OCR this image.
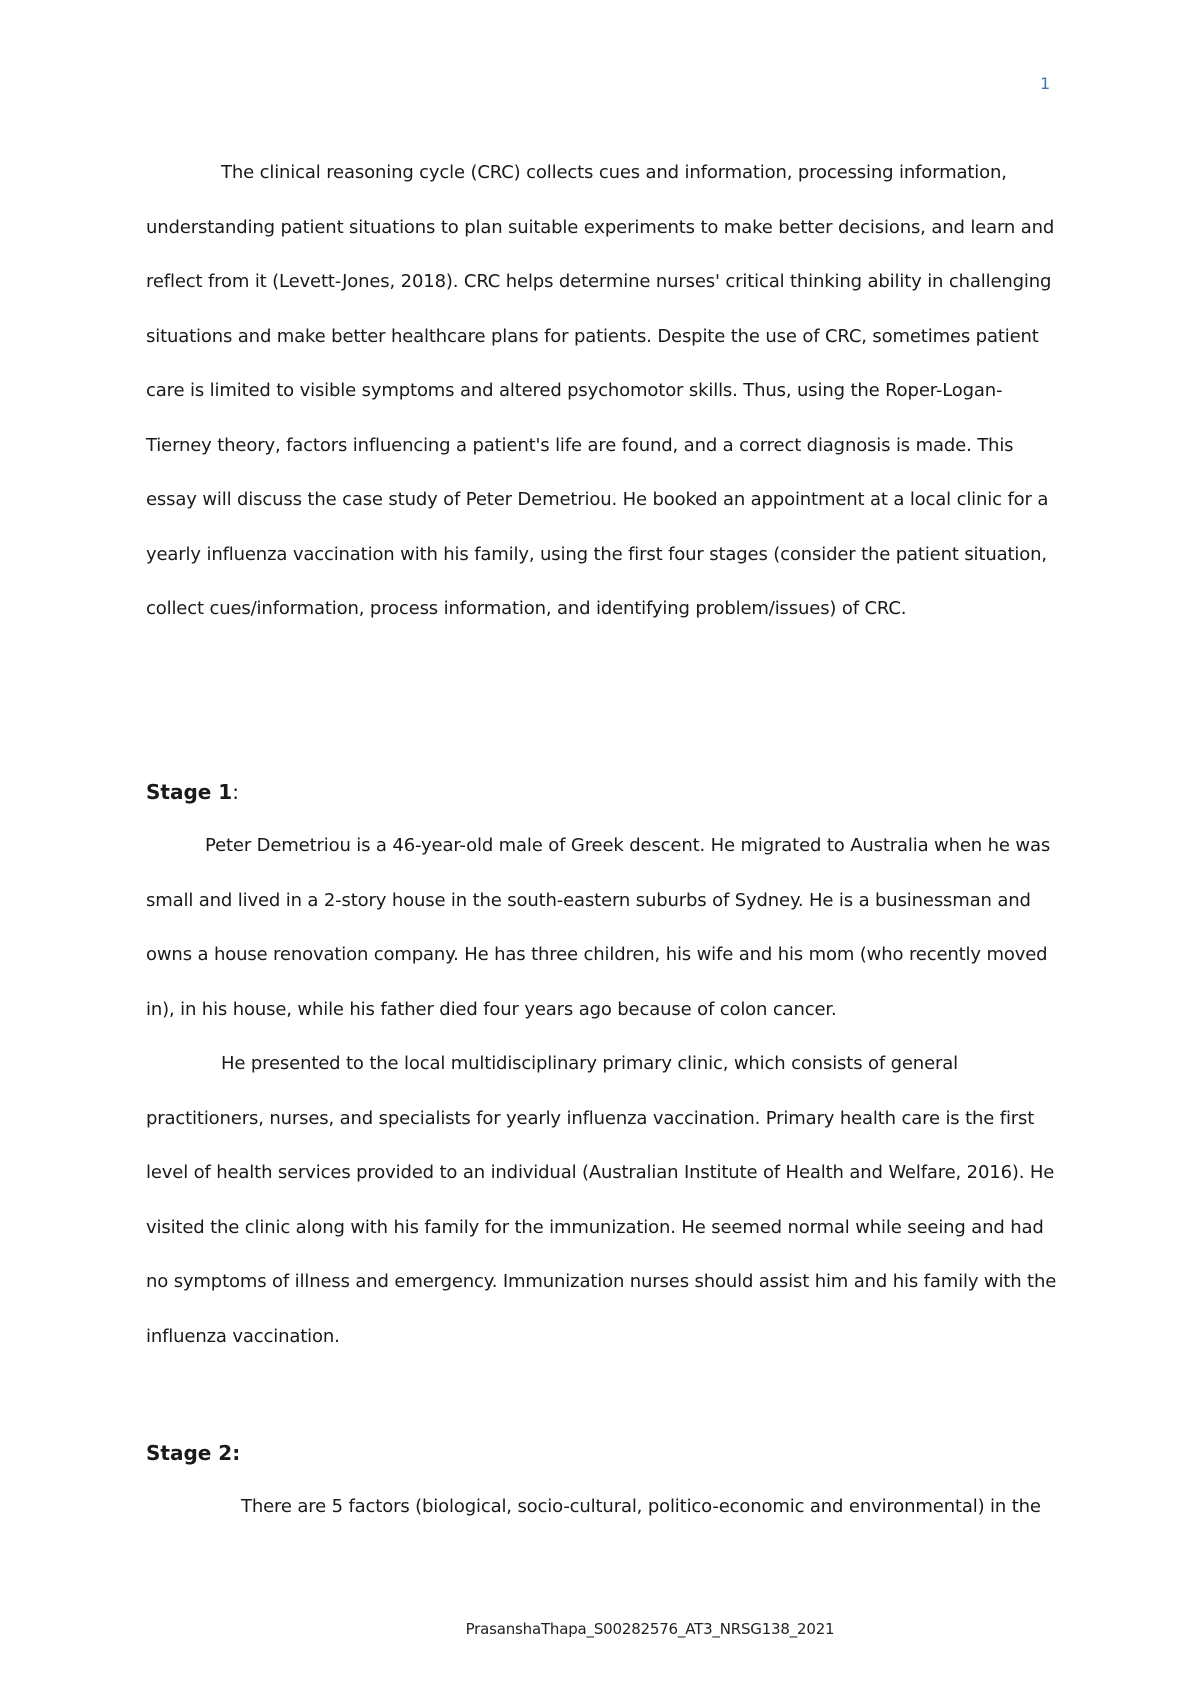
1

The clinical reasoning cycle (CRC) collects cues and information, processing information, understanding patient situations to plan suitable experiments to make better decisions, and learn and reflect from it (Levett-Jones, 2018). CRC helps determine nurses' critical thinking ability in challenging situations and make better healthcare plans for patients. Despite the use of CRC, sometimes patient care is limited to visible symptoms and altered psychomotor skills. Thus, using the Roper-Logan-Tierney theory, factors influencing a patient's life are found, and a correct diagnosis is made. This essay will discuss the case study of Peter Demetriou. He booked an appointment at a local clinic for a yearly influenza vaccination with his family, using the first four stages (consider the patient situation, collect cues/information, process information, and identifying problem/issues) of CRC.

Stage 1:

Peter Demetriou is a 46-year-old male of Greek descent. He migrated to Australia when he was small and lived in a 2-story house in the south-eastern suburbs of Sydney. He is a businessman and owns a house renovation company. He has three children, his wife and his mom (who recently moved in), in his house, while his father died four years ago because of colon cancer.

He presented to the local multidisciplinary primary clinic, which consists of general practitioners, nurses, and specialists for yearly influenza vaccination. Primary health care is the first level of health services provided to an individual (Australian Institute of Health and Welfare, 2016). He visited the clinic along with his family for the immunization. He seemed normal while seeing and had no symptoms of illness and emergency. Immunization nurses should assist him and his family with the influenza vaccination.

Stage 2:

There are 5 factors (biological, socio-cultural, politico-economic and environmental) in the

PrasanshaThapa_S00282576_AT3_NRSG138_2021
